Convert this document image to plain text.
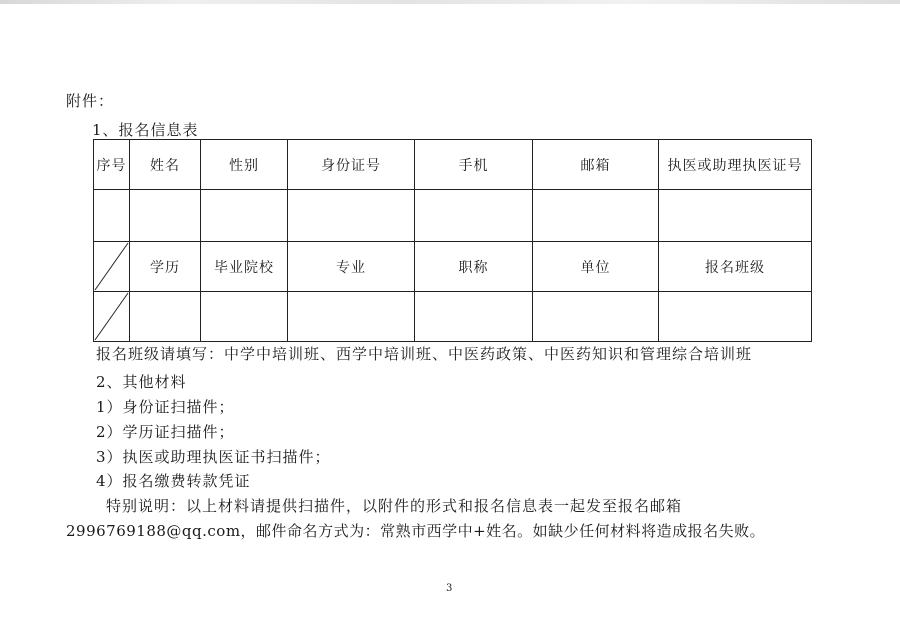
附件：
1、报名信息表
序号	姓名	性别	身份证号	手机	邮箱	执医或助理执医证号

	学历	毕业院校	专业	职称	单位	报名班级

报名班级请填写：中学中培训班、西学中培训班、中医药政策、中医药知识和管理综合培训班
2、其他材料
1）身份证扫描件；
2）学历证扫描件；
3）执医或助理执医证书扫描件；
4）报名缴费转款凭证
特别说明：以上材料请提供扫描件，以附件的形式和报名信息表一起发至报名邮箱
2996769188@qq.com，邮件命名方式为：常熟市西学中+姓名。如缺少任何材料将造成报名失败。
3
